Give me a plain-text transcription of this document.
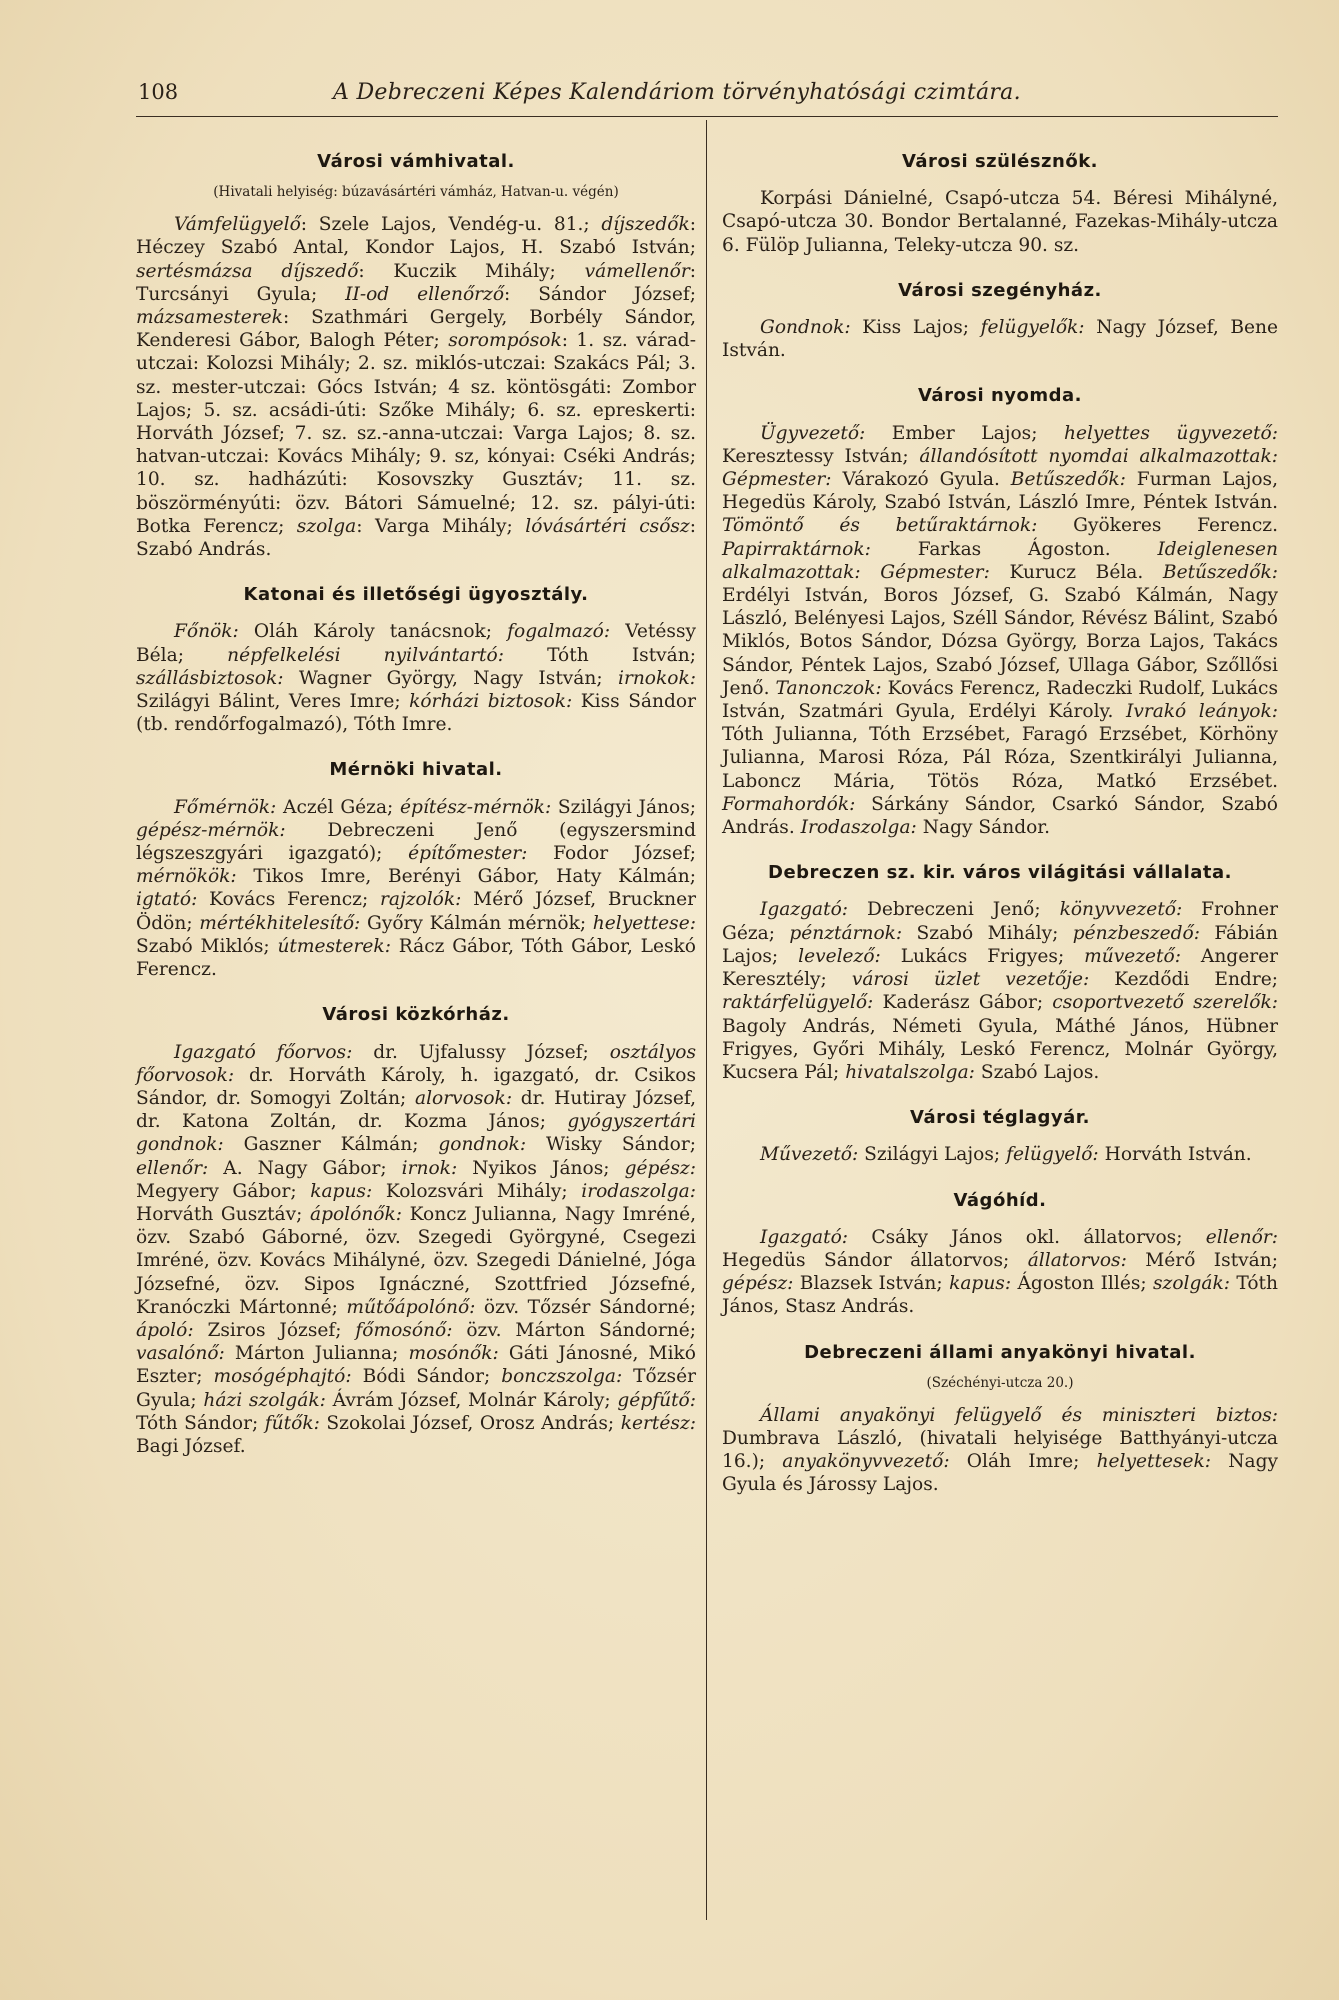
108	A Debreczeni Képes Kalendáriom törvényhatósági czimtára.
Városi vámhivatal.
(Hivatali helyiség: búzavásártéri vámház, Hatvan-u. végén)

Vámfelügyelő: Szele Lajos, Vendég-u. 81.; díjszedők: Héczey Szabó Antal, Kondor Lajos, H. Szabó István; sertésmázsa díjszedő: Kuczik Mihály; vámellenőr: Turcsányi Gyula; II-od ellenőrző: Sándor József; mázsamesterek: Szathmári Gergely, Borbély Sándor, Kenderesi Gábor, Balogh Péter; sorompósok: 1. sz. várad-utczai: Kolozsi Mihály; 2. sz. miklós-utczai: Szakács Pál; 3. sz. mester-utczai: Gócs István; 4 sz. köntösgáti: Zombor Lajos; 5. sz. acsádi-úti: Szőke Mihály; 6. sz. epreskerti: Horváth József; 7. sz. sz.-anna-utczai: Varga Lajos; 8. sz. hatvan-utczai: Kovács Mihály; 9. sz, kónyai: Cséki András; 10. sz. hadházúti: Kosovszky Gusztáv; 11. sz. böszörményúti: özv. Bátori Sámuelné; 12. sz. pályi-úti: Botka Ferencz; szolga: Varga Mihály; lóvásártéri csősz: Szabó András.

Katonai és illetőségi ügyosztály.

Főnök: Oláh Károly tanácsnok; fogalmazó: Vetéssy Béla; népfelkelési nyilvántartó: Tóth István; szállásbiztosok: Wagner György, Nagy István; irnokok: Szilágyi Bálint, Veres Imre; kórházi biztosok: Kiss Sándor (tb. rendőrfogalmazó), Tóth Imre.

Mérnöki hivatal.

Főmérnök: Aczél Géza; építész-mérnök: Szilágyi János; gépész-mérnök: Debreczeni Jenő (egyszersmind légszeszgyári igazgató); építőmester: Fodor József; mérnökök: Tikos Imre, Berényi Gábor, Haty Kálmán; igtató: Kovács Ferencz; rajzolók: Mérő József, Bruckner Ödön; mértékhitelesítő: Győry Kálmán mérnök; helyettese: Szabó Miklós; útmesterek: Rácz Gábor, Tóth Gábor, Leskó Ferencz.

Városi közkórház.

Igazgató főorvos: dr. Ujfalussy József; osztályos főorvosok: dr. Horváth Károly, h. igazgató, dr. Csikos Sándor, dr. Somogyi Zoltán; alorvosok: dr. Hutiray József, dr. Katona Zoltán, dr. Kozma János; gyógyszertári gondnok: Gaszner Kálmán; gondnok: Wisky Sándor; ellenőr: A. Nagy Gábor; irnok: Nyikos János; gépész: Megyery Gábor; kapus: Kolozsvári Mihály; irodaszolga: Horváth Gusztáv; ápolónők: Koncz Julianna, Nagy Imréné, özv. Szabó Gáborné, özv. Szegedi Györgyné, Csegezi Imréné, özv. Kovács Mihályné, özv. Szegedi Dánielné, Jóga Józsefné, özv. Sipos Ignáczné, Szottfried Józsefné, Kranóczki Mártonné; műtőápolónő: özv. Tőzsér Sándorné; ápoló: Zsiros József; főmosónő: özv. Márton Sándorné; vasalónő: Márton Julianna; mosónők: Gáti Jánosné, Mikó Eszter; mosógéphajtó: Bódi Sándor; bonczszolga: Tőzsér Gyula; házi szolgák: Ávrám József, Molnár Károly; gépfűtő: Tóth Sándor; fűtők: Szokolai József, Orosz András; kertész: Bagi József.

Városi szülésznők.

Korpási Dánielné, Csapó-utcza 54. Béresi Mihályné, Csapó-utcza 30. Bondor Bertalanné, Fazekas-Mihály-utcza 6. Fülöp Julianna, Teleky-utcza 90. sz.

Városi szegényház.

Gondnok: Kiss Lajos; felügyelők: Nagy József, Bene István.

Városi nyomda.

Ügyvezető: Ember Lajos; helyettes ügyvezető: Keresztessy István; állandósított nyomdai alkalmazottak: Gépmester: Várakozó Gyula. Betűszedők: Furman Lajos, Hegedüs Károly, Szabó István, László Imre, Péntek István. Tömöntő és betűraktárnok: Gyökeres Ferencz. Papirraktárnok: Farkas Ágoston. Ideiglenesen alkalmazottak: Gépmester: Kurucz Béla. Betűszedők: Erdélyi István, Boros József, G. Szabó Kálmán, Nagy László, Belényesi Lajos, Széll Sándor, Révész Bálint, Szabó Miklós, Botos Sándor, Dózsa György, Borza Lajos, Takács Sándor, Péntek Lajos, Szabó József, Ullaga Gábor, Szőllősi Jenő. Tanonczok: Kovács Ferencz, Radeczki Rudolf, Lukács István, Szatmári Gyula, Erdélyi Károly. Ivrakó leányok: Tóth Julianna, Tóth Erzsébet, Faragó Erzsébet, Körhöny Julianna, Marosi Róza, Pál Róza, Szentkirályi Julianna, Laboncz Mária, Tötös Róza, Matkó Erzsébet. Formahordók: Sárkány Sándor, Csarkó Sándor, Szabó András. Irodaszolga: Nagy Sándor.

Debreczen sz. kir. város világitási vállalata.

Igazgató: Debreczeni Jenő; könyvvezető: Frohner Géza; pénztárnok: Szabó Mihály; pénzbeszedő: Fábián Lajos; levelező: Lukács Frigyes; művezető: Angerer Keresztély; városi üzlet vezetője: Kezdődi Endre; raktárfelügyelő: Kaderász Gábor; csoportvezető szerelők: Bagoly András, Németi Gyula, Máthé János, Hübner Frigyes, Győri Mihály, Leskó Ferencz, Molnár György, Kucsera Pál; hivatalszolga: Szabó Lajos.

Városi téglagyár.

Művezető: Szilágyi Lajos; felügyelő: Horváth István.

Vágóhíd.

Igazgató: Csáky János okl. állatorvos; ellenőr: Hegedüs Sándor állatorvos; állatorvos: Mérő István; gépész: Blazsek István; kapus: Ágoston Illés; szolgák: Tóth János, Stasz András.

Debreczeni állami anyakönyi hivatal.
(Széchényi-utcza 20.)

Állami anyakönyi felügyelő és miniszteri biztos: Dumbrava László, (hivatali helyisége Batthyányi-utcza 16.); anyakönyvvezető: Oláh Imre; helyettesek: Nagy Gyula és Járossy Lajos.
